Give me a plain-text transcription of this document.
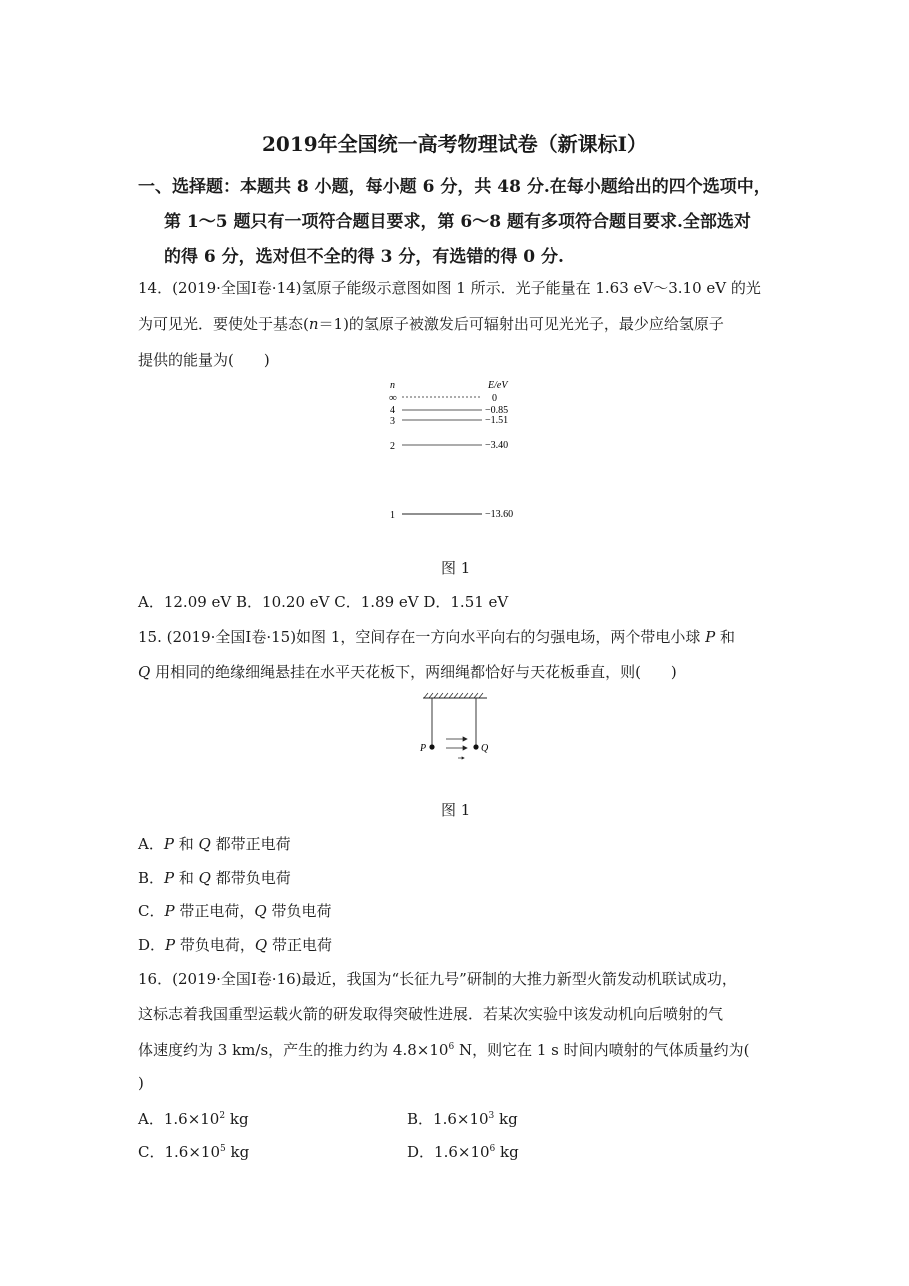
2019年全国统一高考物理试卷（新课标Ⅰ）
一、选择题：本题共 8 小题，每小题 6 分，共 48 分.在每小题给出的四个选项中，
第 1～5 题只有一项符合题目要求，第 6～8 题有多项符合题目要求.全部选对
的得 6 分，选对但不全的得 3 分，有选错的得 0 分.
14．(2019·全国Ⅰ卷·14)氢原子能级示意图如图 1 所示．光子能量在 1.63 eV～3.10 eV 的光
为可见光．要使处于基态(n＝1)的氢原子被激发后可辐射出可见光光子，最少应给氢原子
提供的能量为(　　)
n	E/eV
∞	0
4	−0.85
3	−1.51
2	−3.40
1	−13.60
图 1
A．12.09 eV B．10.20 eV C．1.89 eV D．1.51 eV
15. (2019·全国Ⅰ卷·15)如图 1，空间存在一方向水平向右的匀强电场，两个带电小球 P 和
Q 用相同的绝缘细绳悬挂在水平天花板下，两细绳都恰好与天花板垂直，则(　　)
P	Q
图 1
A．P 和 Q 都带正电荷
B．P 和 Q 都带负电荷
C．P 带正电荷，Q 带负电荷
D．P 带负电荷，Q 带正电荷
16．(2019·全国Ⅰ卷·16)最近，我国为“长征九号”研制的大推力新型火箭发动机联试成功，
这标志着我国重型运载火箭的研发取得突破性进展．若某次实验中该发动机向后喷射的气
体速度约为 3 km/s，产生的推力约为 $4.8\times 10^6$ N，则它在 1 s 时间内喷射的气体质量约为(
)
A．$1.6\times 10^2$ kg	B．$1.6\times 10^3$ kg
C．$1.6\times 10^5$ kg	D．$1.6\times 10^6$ kg
